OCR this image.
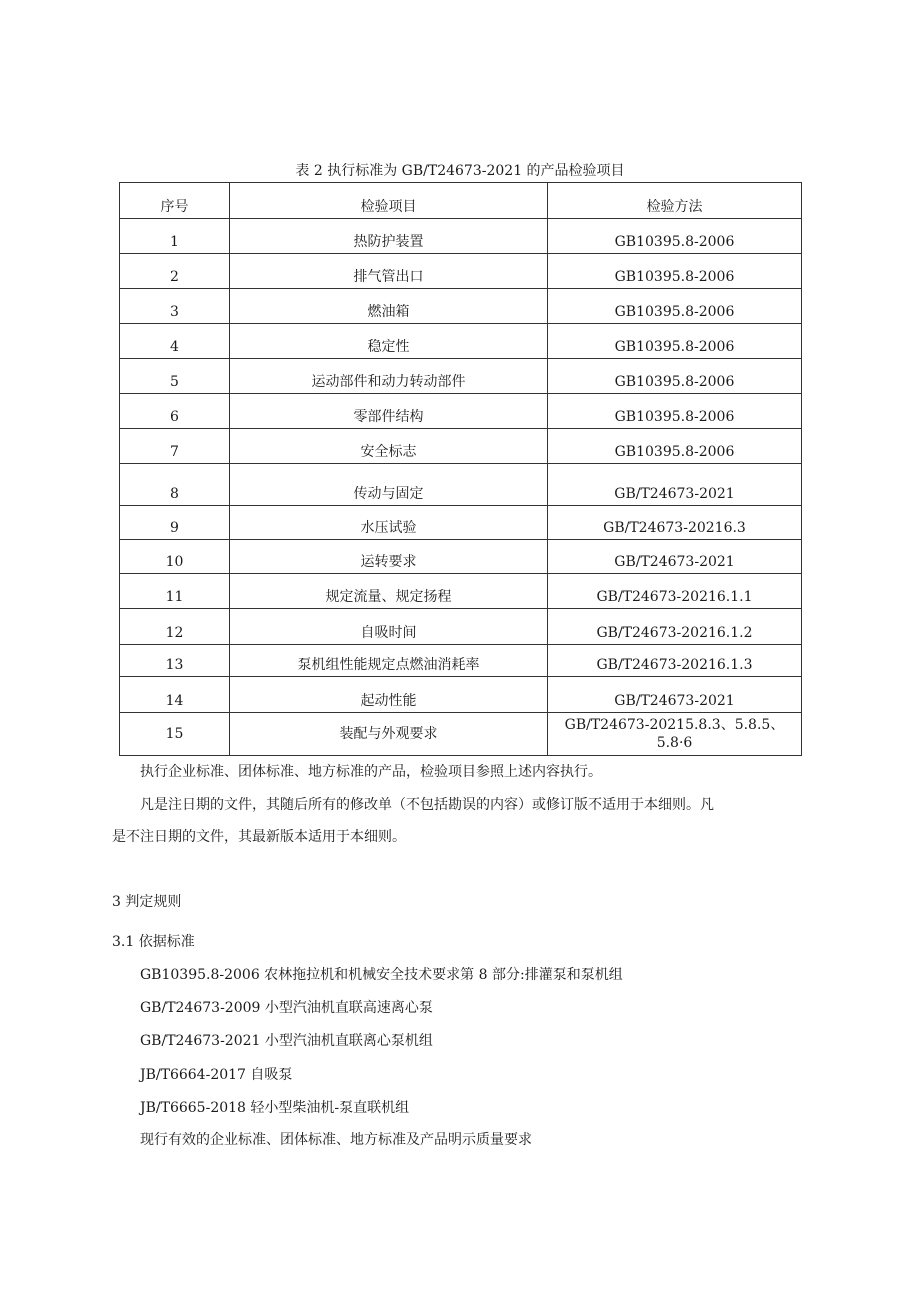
表 2 执行标准为 GB/T24673-2021 的产品检验项目
序号	检验项目	检验方法
1	热防护装置	GB10395.8-2006
2	排气管出口	GB10395.8-2006
3	燃油箱	GB10395.8-2006
4	稳定性	GB10395.8-2006
5	运动部件和动力转动部件	GB10395.8-2006
6	零部件结构	GB10395.8-2006
7	安全标志	GB10395.8-2006
8	传动与固定	GB/T24673-2021
9	水压试验	GB/T24673-20216.3
10	运转要求	GB/T24673-2021
11	规定流量、规定扬程	GB/T24673-20216.1.1
12	自吸时间	GB/T24673-20216.1.2
13	泵机组性能规定点燃油消耗率	GB/T24673-20216.1.3
14	起动性能	GB/T24673-2021
15	装配与外观要求	GB/T24673-20215.8.3、5.8.5、
5.8·6

执行企业标准、团体标准、地方标准的产品，检验项目参照上述内容执行。

凡是注日期的文件，其随后所有的修改单（不包括勘误的内容）或修订版不适用于本细则。凡

是不注日期的文件，其最新版本适用于本细则。

3 判定规则

3.1 依据标准

GB10395.8-2006 农林拖拉机和机械安全技术要求第 8 部分:排灌泵和泵机组

GB/T24673-2009 小型汽油机直联高速离心泵

GB/T24673-2021 小型汽油机直联离心泵机组

JB/T6664-2017 自吸泵

JB/T6665-2018 轻小型柴油机-泵直联机组

现行有效的企业标准、团体标准、地方标准及产品明示质量要求
